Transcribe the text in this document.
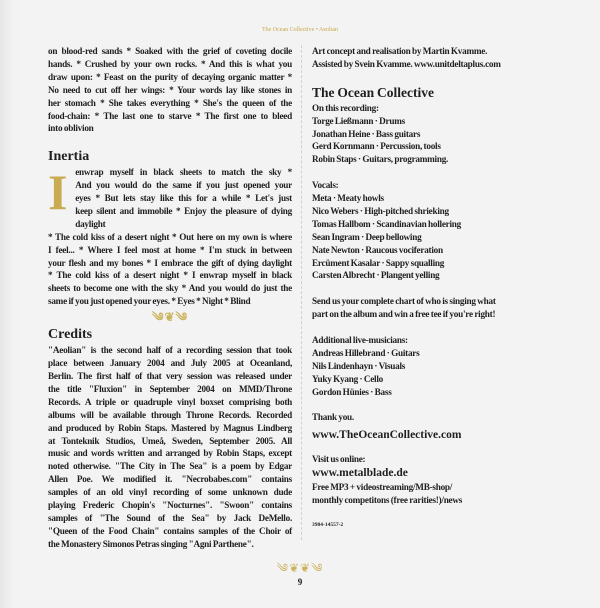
The Ocean Collective • Aeolian
on blood-red sands * Soaked with the grief of coveting docile
hands. * Crushed by your own rocks. * And this is what you
draw upon: * Feast on the purity of decaying organic matter *
No need to cut off her wings: * Your words lay like stones in
her stomach * She takes everything * She's the queen of the
food-chain: * The last one to starve * The first one to bleed
into oblivion
Inertia
I enwrap myself in black sheets to match the sky *
And you would do the same if you just opened your
eyes * But lets stay like this for a while * Let's just
keep silent and immobile * Enjoy the pleasure of dying daylight
* The cold kiss of a desert night * Out here on my own is where
I feel... * Where I feel most at home * I'm stuck in between
your flesh and my bones * I embrace the gift of dying daylight
* The cold kiss of a desert night * I enwrap myself in black
sheets to become one with the sky * And you would do just the
same if you just opened your eyes. * Eyes * Night * Blind
༄❦༄
Credits
"Aeolian" is the second half of a recording session that took
place between January 2004 and July 2005 at Oceanland,
Berlin. The first half of that very session was released under
the title "Fluxion" in September 2004 on MMD/Throne
Records. A triple or quadruple vinyl boxset comprising both
albums will be available through Throne Records. Recorded
and produced by Robin Staps. Mastered by Magnus Lindberg
at Tonteknik Studios, Umeå, Sweden, September 2005. All
music and words written and arranged by Robin Staps, except
noted otherwise. "The City in The Sea" is a poem by Edgar
Allen Poe. We modified it. "Necrobabes.com" contains
samples of an old vinyl recording of some unknown dude
playing Frederic Chopin's "Nocturnes". "Swoon" contains
samples of "The Sound of the Sea" by Jack DeMello.
"Queen of the Food Chain" contains samples of the Choir of
the Monastery Simonos Petras singing "Agni Parthene".
Art concept and realisation by Martin Kvamme.
Assisted by Svein Kvamme. www.unitdeltaplus.com
The Ocean Collective
On this recording:
Torge Ließmann · Drums
Jonathan Heine · Bass guitars
Gerd Kornmann · Percussion, tools
Robin Staps · Guitars, programming.
Vocals:
Meta · Meaty howls
Nico Webers · High-pitched shrieking
Tomas Hallbom · Scandinavian hollering
Sean Ingram · Deep bellowing
Nate Newton · Raucous vociferation
Ercüment Kasalar · Sappy squalling
Carsten Albrecht · Plangent yelling
Send us your complete chart of who is singing what
part on the album and win a free tee if you're right!
Additional live-musicians:
Andreas Hillebrand · Guitars
Nils Lindenhayn · Visuals
Yuky Kyang · Cello
Gordon Hünies · Bass
Thank you.
www.TheOceanCollective.com
Visit us online:
www.metalblade.de
Free MP3 + videostreaming/MB-shop/
monthly competitons (free rarities!)/news
3984-14557-2
༄❦❦༄
9
